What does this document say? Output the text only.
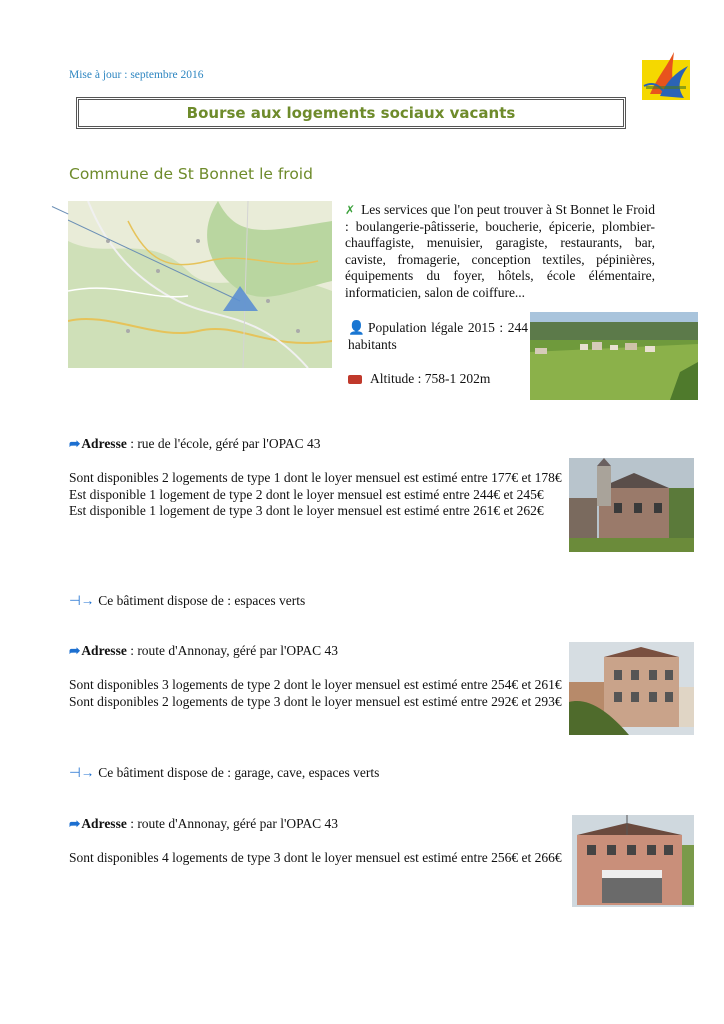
Mise à jour : septembre 2016
Bourse aux logements sociaux vacants
Commune de St Bonnet le froid
✗ Les services que l'on peut trouver à St Bonnet le Froid : boulangerie-pâtisserie, boucherie, épicerie, plombier-chauffagiste, menuisier, garagiste, restaurants, bar, caviste, fromagerie, conception textiles, pépinières, équipements du foyer, hôtels, école élémentaire, informaticien, salon de coiffure...
👤 Population légale 2015 : 244 habitants
Altitude : 758-1 202m
➦Adresse : rue de l'école, géré par l'OPAC 43
Sont disponibles 2 logements de type 1 dont le loyer mensuel est estimé entre 177€ et 178€
Est disponible 1 logement de type 2 dont le loyer mensuel est estimé entre 244€ et 245€
Est disponible 1 logement de type 3 dont le loyer mensuel est estimé entre 261€ et 262€
⊣→ Ce bâtiment dispose de : espaces verts
➦Adresse : route d'Annonay, géré par l'OPAC 43
Sont disponibles 3 logements de type 2 dont le loyer mensuel est estimé entre 254€ et 261€
Sont disponibles 2 logements de type 3 dont le loyer mensuel est estimé entre 292€ et 293€
⊣→ Ce bâtiment dispose de : garage, cave, espaces verts
➦Adresse : route d'Annonay, géré par l'OPAC 43
Sont disponibles 4 logements de type 3 dont le loyer mensuel est estimé entre 256€ et 266€
